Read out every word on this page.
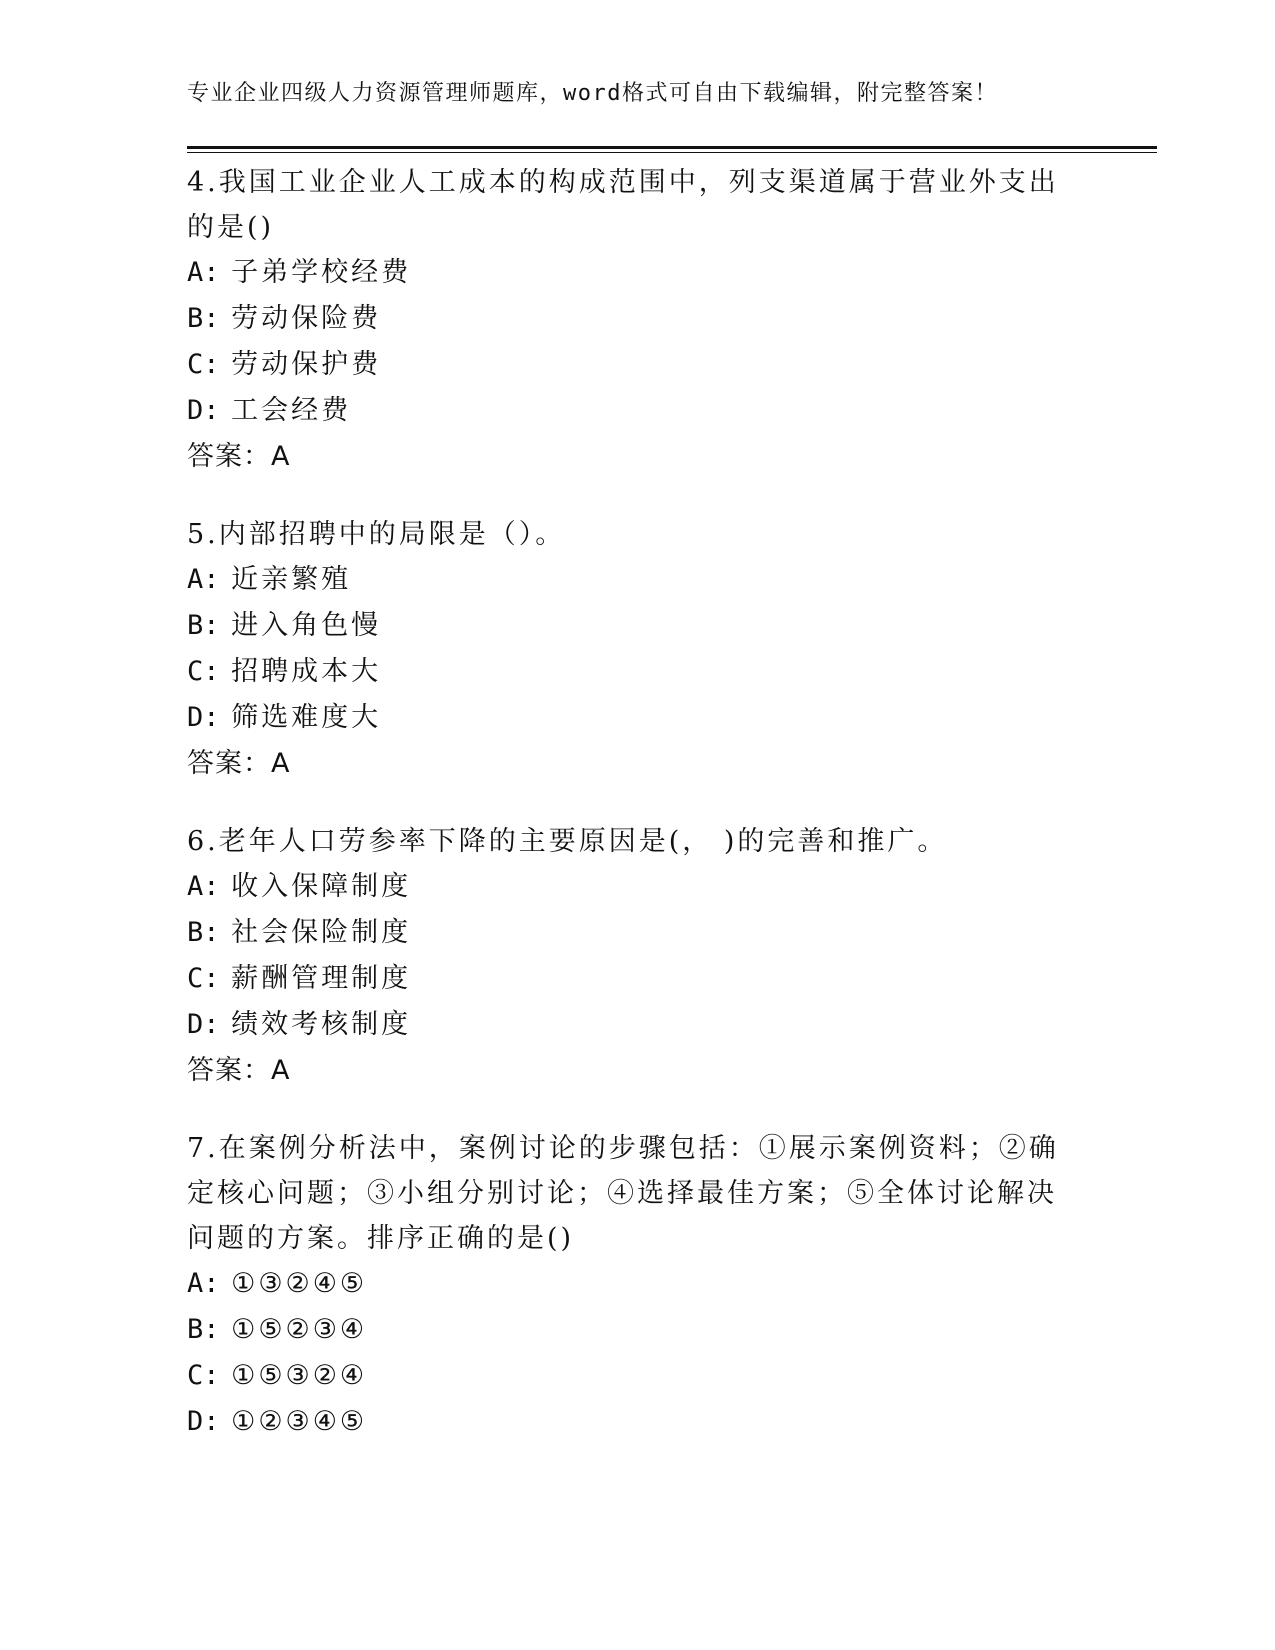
专业企业四级人力资源管理师题库，word格式可自由下载编辑，附完整答案！

4.我国工业企业人工成本的构成范围中，列支渠道属于营业外支出的是()

A: 子弟学校经费

B: 劳动保险费

C: 劳动保护费

D: 工会经费

答案：A

5.内部招聘中的局限是（）。

A: 近亲繁殖

B: 进入角色慢

C: 招聘成本大

D: 筛选难度大

答案：A

6.老年人口劳参率下降的主要原因是(， )的完善和推广。

A: 收入保障制度

B: 社会保险制度

C: 薪酬管理制度

D: 绩效考核制度

答案：A

7.在案例分析法中，案例讨论的步骤包括：①展示案例资料；②确定核心问题；③小组分别讨论；④选择最佳方案；⑤全体讨论解决问题的方案。排序正确的是()

A: ①③②④⑤

B: ①⑤②③④

C: ①⑤③②④

D: ①②③④⑤
